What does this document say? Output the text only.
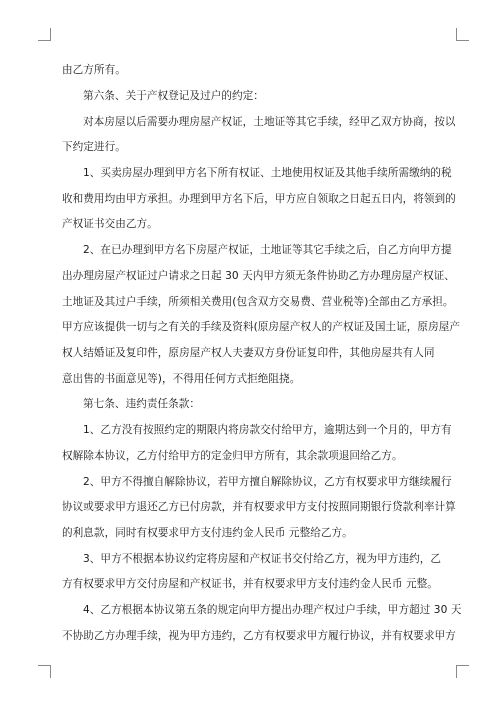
由乙方所有。
第六条、关于产权登记及过户的约定：
对本房屋以后需要办理房屋产权证，土地证等其它手续，经甲乙双方协商，按以
下约定进行。
1、买卖房屋办理到甲方名下所有权证、土地使用权证及其他手续所需缴纳的税
收和费用均由甲方承担。办理到甲方名下后，甲方应自领取之日起五日内，将领到的
产权证书交由乙方。
2、在已办理到甲方名下房屋产权证，土地证等其它手续之后，自乙方向甲方提
出办理房屋产权证过户请求之日起 30 天内甲方须无条件协助乙方办理房屋产权证、
土地证及其过户手续，所须相关费用(包含双方交易费、营业税等)全部由乙方承担。
甲方应该提供一切与之有关的手续及资料(原房屋产权人的产权证及国土证，原房屋产
权人结婚证及复印件，原房屋产权人夫妻双方身份证复印件，其他房屋共有人同
意出售的书面意见等)，不得用任何方式拒绝阻挠。
第七条、违约责任条款：
1、乙方没有按照约定的期限内将房款交付给甲方，逾期达到一个月的，甲方有
权解除本协议，乙方付给甲方的定金归甲方所有，其余款项退回给乙方。
2、甲方不得擅自解除协议，若甲方擅自解除协议，乙方有权要求甲方继续履行
协议或要求甲方退还乙方已付房款，并有权要求甲方支付按照同期银行贷款利率计算
的利息款，同时有权要求甲方支付违约金人民币 元整给乙方。
3、甲方不根据本协议约定将房屋和产权证书交付给乙方，视为甲方违约，乙
方有权要求甲方交付房屋和产权证书，并有权要求甲方支付违约金人民币 元整。
4、乙方根据本协议第五条的规定向甲方提出办理产权过户手续，甲方超过 30 天
不协助乙方办理手续，视为甲方违约，乙方有权要求甲方履行协议，并有权要求甲方
